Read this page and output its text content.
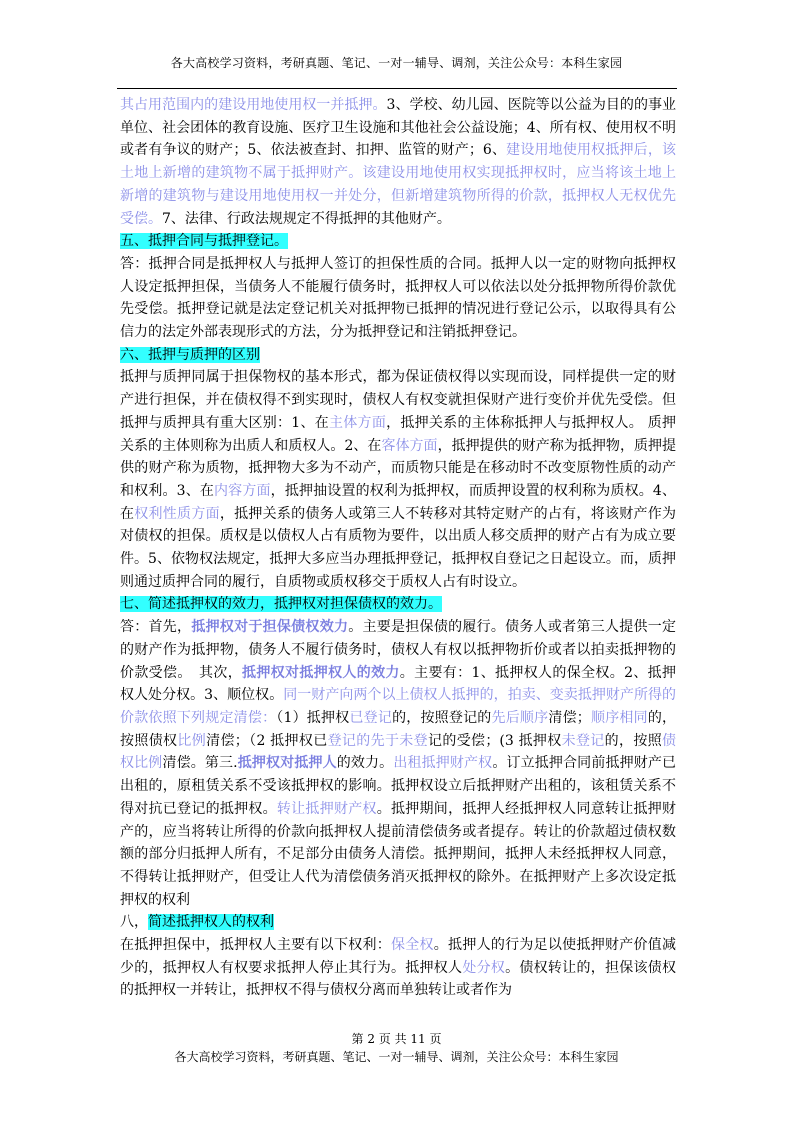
各大高校学习资料，考研真题、笔记、一对一辅导、调剂，关注公众号：本科生家园

其占用范围内的建设用地使用权一并抵押。3、学校、幼儿园、医院等以公益为目的的事业单位、社会团体的教育设施、医疗卫生设施和其他社会公益设施；4、所有权、使用权不明或者有争议的财产；5、依法被查封、扣押、监管的财产；6、建设用地使用权抵押后，该土地上新增的建筑物不属于抵押财产。该建设用地使用权实现抵押权时，应当将该土地上新增的建筑物与建设用地使用权一并处分，但新增建筑物所得的价款，抵押权人无权优先受偿。7、法律、行政法规规定不得抵押的其他财产。

五、抵押合同与抵押登记。

答：抵押合同是抵押权人与抵押人签订的担保性质的合同。抵押人以一定的财物向抵押权人设定抵押担保，当债务人不能履行债务时，抵押权人可以依法以处分抵押物所得价款优先受偿。抵押登记就是法定登记机关对抵押物已抵押的情况进行登记公示，以取得具有公信力的法定外部表现形式的方法，分为抵押登记和注销抵押登记。

六、抵押与质押的区别

抵押与质押同属于担保物权的基本形式，都为保证债权得以实现而设，同样提供一定的财产进行担保，并在债权得不到实现时，债权人有权变就担保财产进行变价并优先受偿。但抵押与质押具有重大区别：1、在主体方面，抵押关系的主体称抵押人与抵押权人。 质押关系的主体则称为出质人和质权人。2、在客体方面，抵押提供的财产称为抵押物，质押提供的财产称为质物，抵押物大多为不动产，而质物只能是在移动时不改变原物性质的动产和权利。3、在内容方面，抵押抽设置的权利为抵押权，而质押设置的权利称为质权。4、在权利性质方面，抵押关系的债务人或第三人不转移对其特定财产的占有，将该财产作为对债权的担保。质权是以债权人占有质物为要件，以出质人移交质押的财产占有为成立要件。5、依物权法规定，抵押大多应当办理抵押登记，抵押权自登记之日起设立。而，质押则通过质押合同的履行，自质物或质权移交于质权人占有时设立。

七、简述抵押权的效力，抵押权对担保债权的效力。

答：首先，抵押权对于担保债权效力。主要是担保债的履行。债务人或者第三人提供一定的财产作为抵押物，债务人不履行债务时，债权人有权以抵押物折价或者以拍卖抵押物的价款受偿。　其次，抵押权对抵押权人的效力。主要有：1、抵押权人的保全权。2、抵押权人处分权。3、顺位权。同一财产向两个以上债权人抵押的，拍卖、变卖抵押财产所得的价款依照下列规定清偿：（1）抵押权已登记的，按照登记的先后顺序清偿；顺序相同的，按照债权比例清偿；（2 抵押权已登记的先于未登记的受偿；(3 抵押权未登记的，按照债权比例清偿。第三.抵押权对抵押人的效力。出租抵押财产权。订立抵押合同前抵押财产已出租的，原租赁关系不受该抵押权的影响。抵押权设立后抵押财产出租的，该租赁关系不得对抗已登记的抵押权。转让抵押财产权。抵押期间，抵押人经抵押权人同意转让抵押财产的，应当将转让所得的价款向抵押权人提前清偿债务或者提存。转让的价款超过债权数额的部分归抵押人所有，不足部分由债务人清偿。抵押期间，抵押人未经抵押权人同意，不得转让抵押财产，但受让人代为清偿债务消灭抵押权的除外。在抵押财产上多次设定抵押权的权利

八，简述抵押权人的权利

在抵押担保中，抵押权人主要有以下权利：保全权。抵押人的行为足以使抵押财产价值减少的，抵押权人有权要求抵押人停止其行为。抵押权人处分权。债权转让的，担保该债权的抵押权一并转让，抵押权不得与债权分离而单独转让或者作为

第 2 页 共 11 页
各大高校学习资料，考研真题、笔记、一对一辅导、调剂，关注公众号：本科生家园
